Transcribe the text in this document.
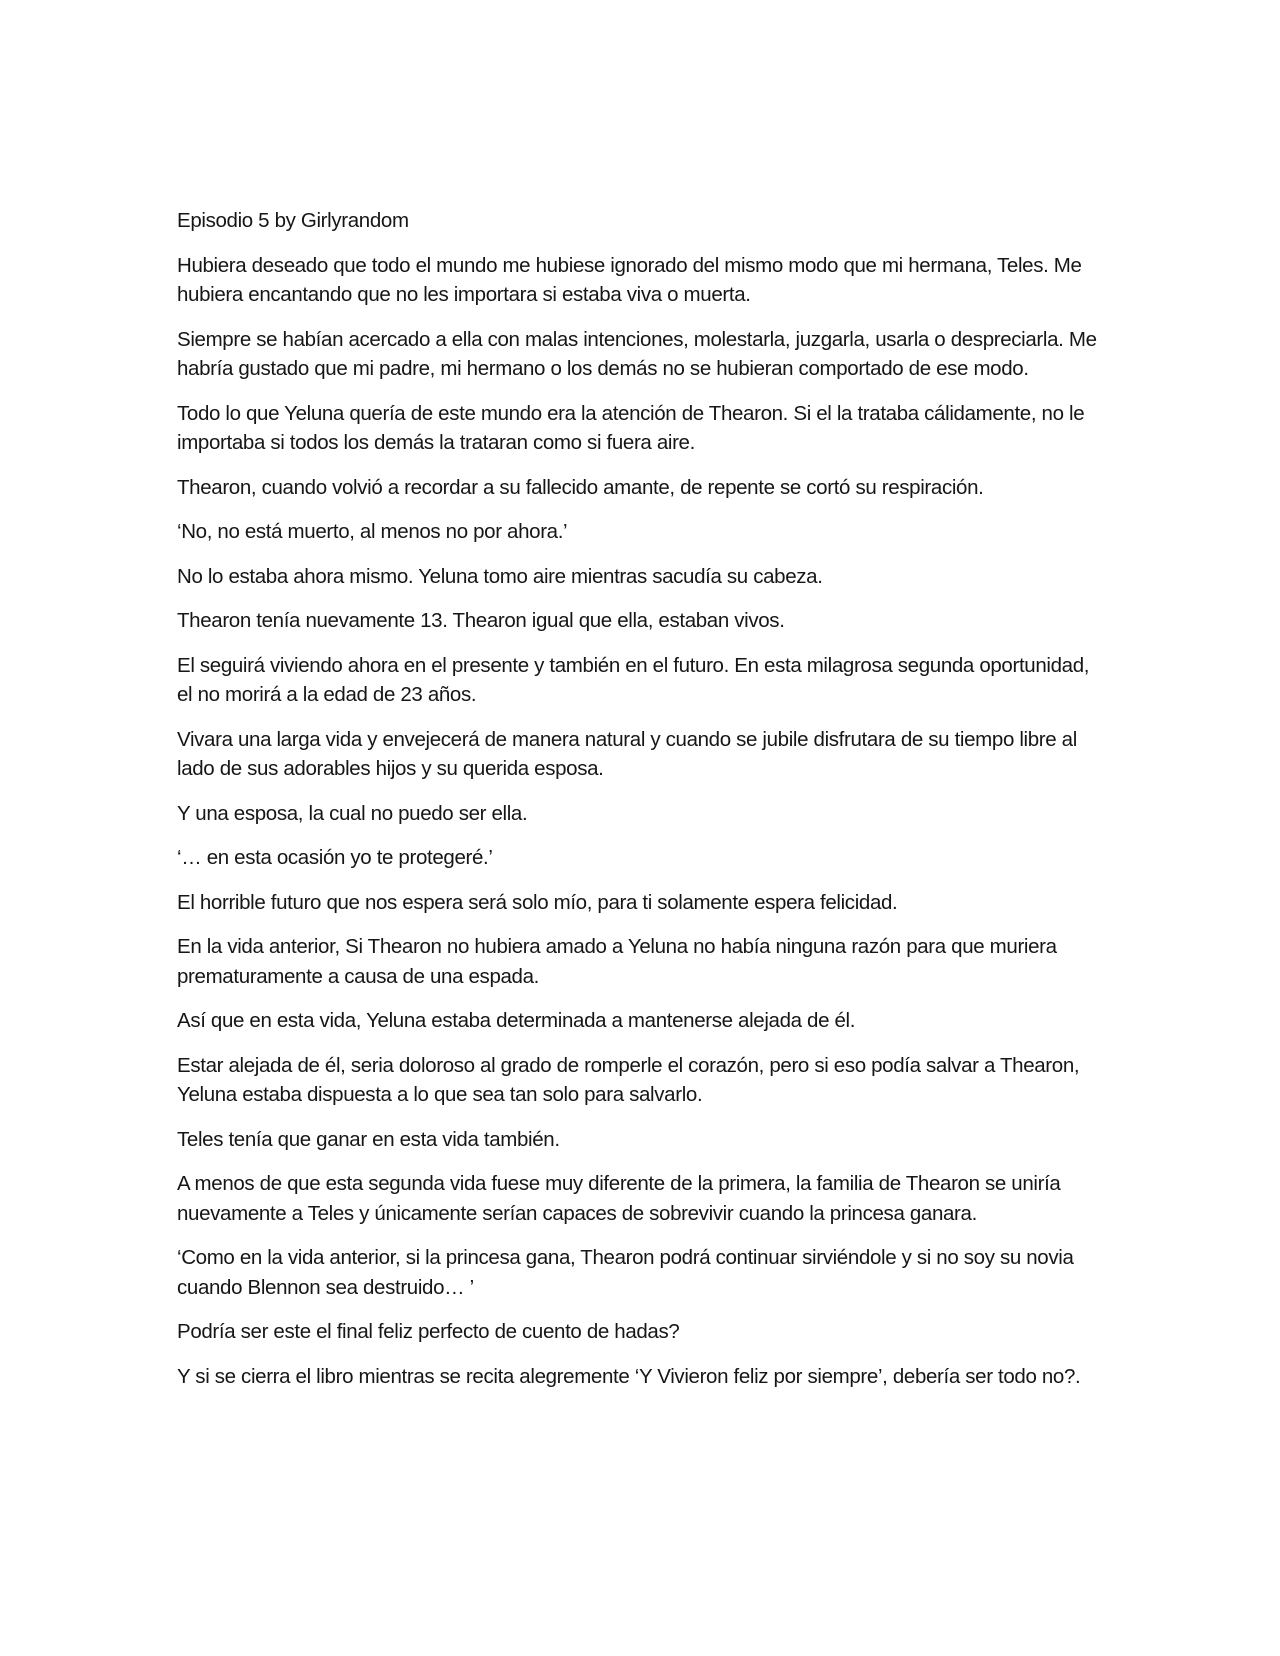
Episodio 5 by Girlyrandom

Hubiera deseado que todo el mundo me hubiese ignorado del mismo modo que mi hermana, Teles. Me hubiera encantando que no les importara si estaba viva o muerta.

Siempre se habían acercado a ella con malas intenciones, molestarla, juzgarla, usarla o despreciarla. Me habría gustado que mi padre, mi hermano o los demás no se hubieran comportado de ese modo.

Todo lo que Yeluna quería de este mundo era la atención de Thearon. Si el la trataba cálidamente, no le importaba si todos los demás la trataran como si fuera aire.

Thearon, cuando volvió a recordar a su fallecido amante, de repente se cortó su respiración.

‘No, no está muerto, al menos no por ahora.’

No lo estaba ahora mismo. Yeluna tomo aire mientras sacudía su cabeza.

Thearon tenía nuevamente 13. Thearon igual que ella, estaban vivos.

El seguirá viviendo ahora en el presente y también en el futuro. En esta milagrosa segunda oportunidad, el no morirá a la edad de 23 años.

Vivara una larga vida y envejecerá de manera natural y cuando se jubile disfrutara de su tiempo libre al lado de sus adorables hijos y su querida esposa.

Y una esposa, la cual no puedo ser ella.

‘… en esta ocasión yo te protegeré.’

El horrible futuro que nos espera será solo mío, para ti solamente espera felicidad.

En la vida anterior, Si Thearon no hubiera amado a Yeluna no había ninguna razón para que muriera prematuramente a causa de una espada.

Así que en esta vida, Yeluna estaba determinada a mantenerse alejada de él.

Estar alejada de él, seria doloroso al grado de romperle el corazón, pero si eso podía salvar a Thearon, Yeluna estaba dispuesta a lo que sea tan solo para salvarlo.

Teles tenía que ganar en esta vida también.

A menos de que esta segunda vida fuese muy diferente de la primera, la familia de Thearon se uniría nuevamente a Teles y únicamente serían capaces de sobrevivir cuando la princesa ganara.

‘Como en la vida anterior, si la princesa gana, Thearon podrá continuar sirviéndole y si no soy su novia cuando Blennon sea destruido… ’

Podría ser este el final feliz perfecto de cuento de hadas?

Y si se cierra el libro mientras se recita alegremente ‘Y Vivieron feliz por siempre’, debería ser todo no?.
